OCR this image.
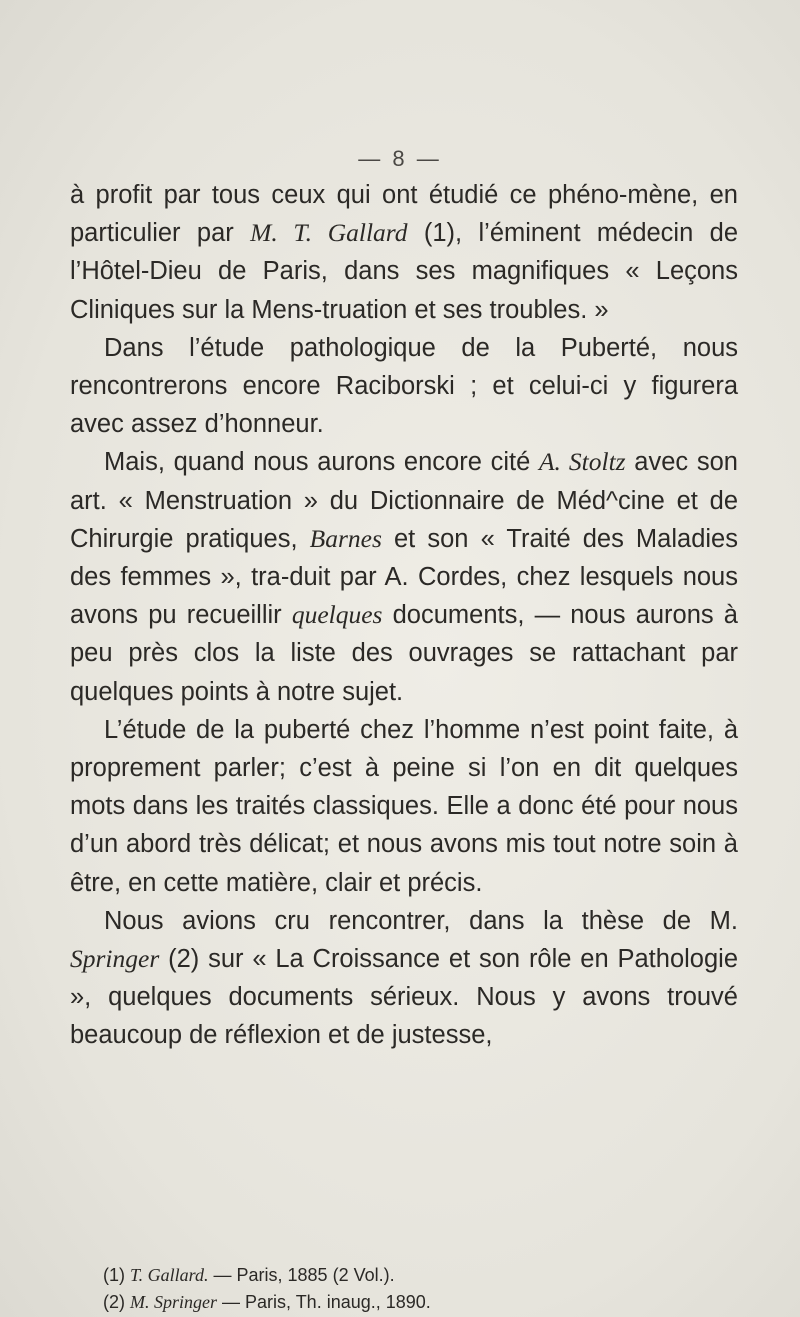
— 8 —

à profit par tous ceux qui ont étudié ce phéno-mène, en particulier par M. T. Gallard (1), l’éminent médecin de l’Hôtel-Dieu de Paris, dans ses magnifiques « Leçons Cliniques sur la Mens-truation et ses troubles. »

Dans l’étude pathologique de la Puberté, nous rencontrerons encore Raciborski ; et celui-ci y figurera avec assez d’honneur.

Mais, quand nous aurons encore cité A. Stoltz avec son art. « Menstruation » du Dictionnaire de Méd^cine et de Chirurgie pratiques, Barnes et son « Traité des Maladies des femmes », tra-duit par A. Cordes, chez lesquels nous avons pu recueillir quelques documents, — nous aurons à peu près clos la liste des ouvrages se rattachant par quelques points à notre sujet.

L’étude de la puberté chez l’homme n’est point faite, à proprement parler; c’est à peine si l’on en dit quelques mots dans les traités classiques. Elle a donc été pour nous d’un abord très délicat; et nous avons mis tout notre soin à être, en cette matière, clair et précis.

Nous avions cru rencontrer, dans la thèse de M. Springer (2) sur « La Croissance et son rôle en Pathologie », quelques documents sérieux. Nous y avons trouvé beaucoup de réflexion et de justesse,

(1) T. Gallard. — Paris, 1885 (2 Vol.).
(2) M. Springer — Paris, Th. inaug., 1890.
